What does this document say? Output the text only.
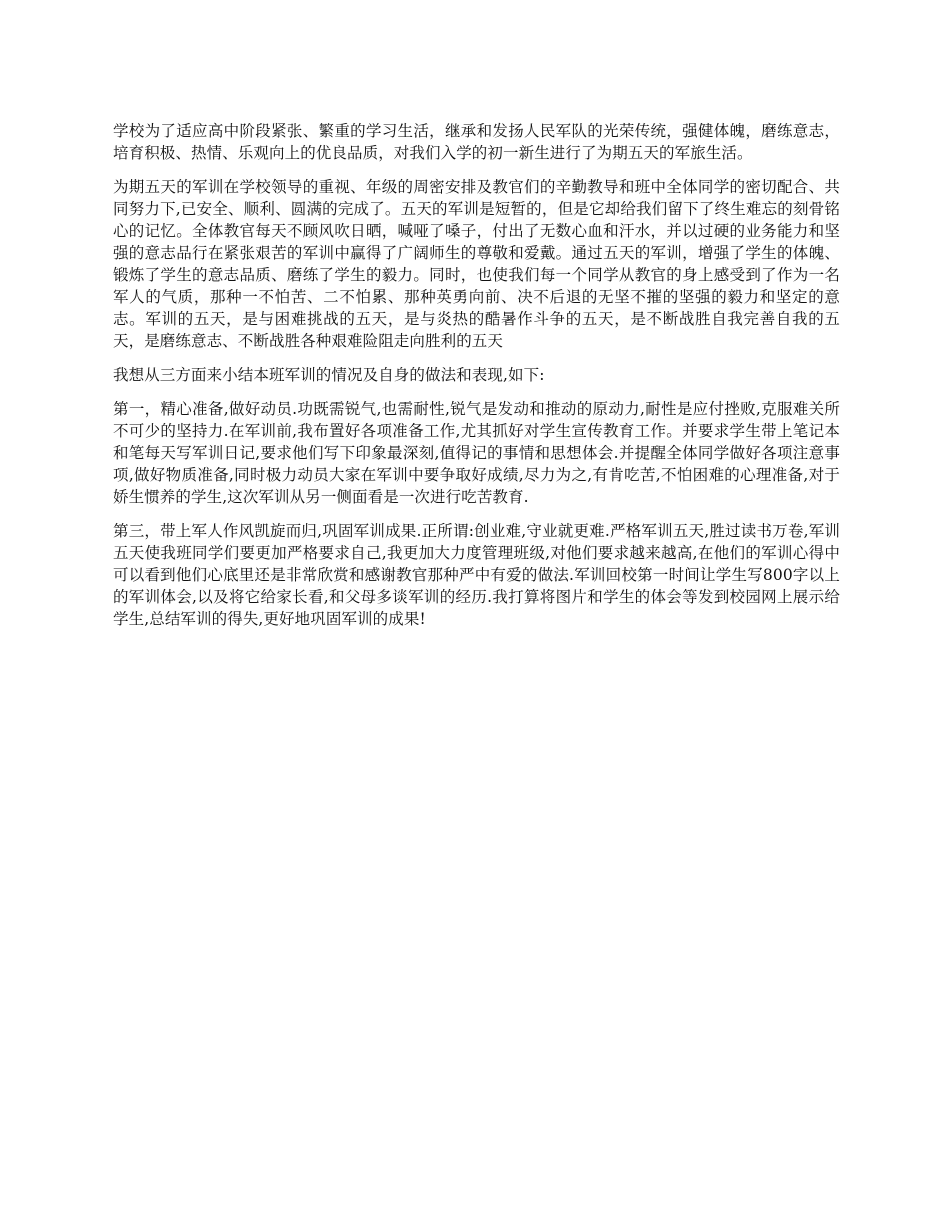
学校为了适应高中阶段紧张、繁重的学习生活，继承和发扬人民军队的光荣传统，强健体魄，磨练意志，培育积极、热情、乐观向上的优良品质，对我们入学的初一新生进行了为期五天的军旅生活。

为期五天的军训在学校领导的重视、年级的周密安排及教官们的辛勤教导和班中全体同学的密切配合、共同努力下,已安全、顺利、圆满的完成了。五天的军训是短暂的，但是它却给我们留下了终生难忘的刻骨铭心的记忆。全体教官每天不顾风吹日晒，喊哑了嗓子，付出了无数心血和汗水，并以过硬的业务能力和坚强的意志品行在紧张艰苦的军训中赢得了广阔师生的尊敬和爱戴。通过五天的军训，增强了学生的体魄、锻炼了学生的意志品质、磨练了学生的毅力。同时，也使我们每一个同学从教官的身上感受到了作为一名军人的气质，那种一不怕苦、二不怕累、那种英勇向前、决不后退的无坚不摧的坚强的毅力和坚定的意志。军训的五天，是与困难挑战的五天，是与炎热的酷暑作斗争的五天，是不断战胜自我完善自我的五天，是磨练意志、不断战胜各种艰难险阻走向胜利的五天

我想从三方面来小结本班军训的情况及自身的做法和表现,如下:

第一，精心准备,做好动员.功既需锐气,也需耐性,锐气是发动和推动的原动力,耐性是应付挫败,克服难关所不可少的坚持力.在军训前,我布置好各项准备工作,尤其抓好对学生宣传教育工作。并要求学生带上笔记本和笔每天写军训日记,要求他们写下印象最深刻,值得记的事情和思想体会.并提醒全体同学做好各项注意事项,做好物质准备,同时极力动员大家在军训中要争取好成绩,尽力为之,有肯吃苦,不怕困难的心理准备,对于娇生惯养的学生,这次军训从另一侧面看是一次进行吃苦教育.

第三，带上军人作风凯旋而归,巩固军训成果.正所谓:创业难,守业就更难.严格军训五天,胜过读书万卷,军训五天使我班同学们要更加严格要求自己,我更加大力度管理班级,对他们要求越来越高,在他们的军训心得中可以看到他们心底里还是非常欣赏和感谢教官那种严中有爱的做法.军训回校第一时间让学生写800字以上的军训体会,以及将它给家长看,和父母多谈军训的经历.我打算将图片和学生的体会等发到校园网上展示给学生,总结军训的得失,更好地巩固军训的成果!
